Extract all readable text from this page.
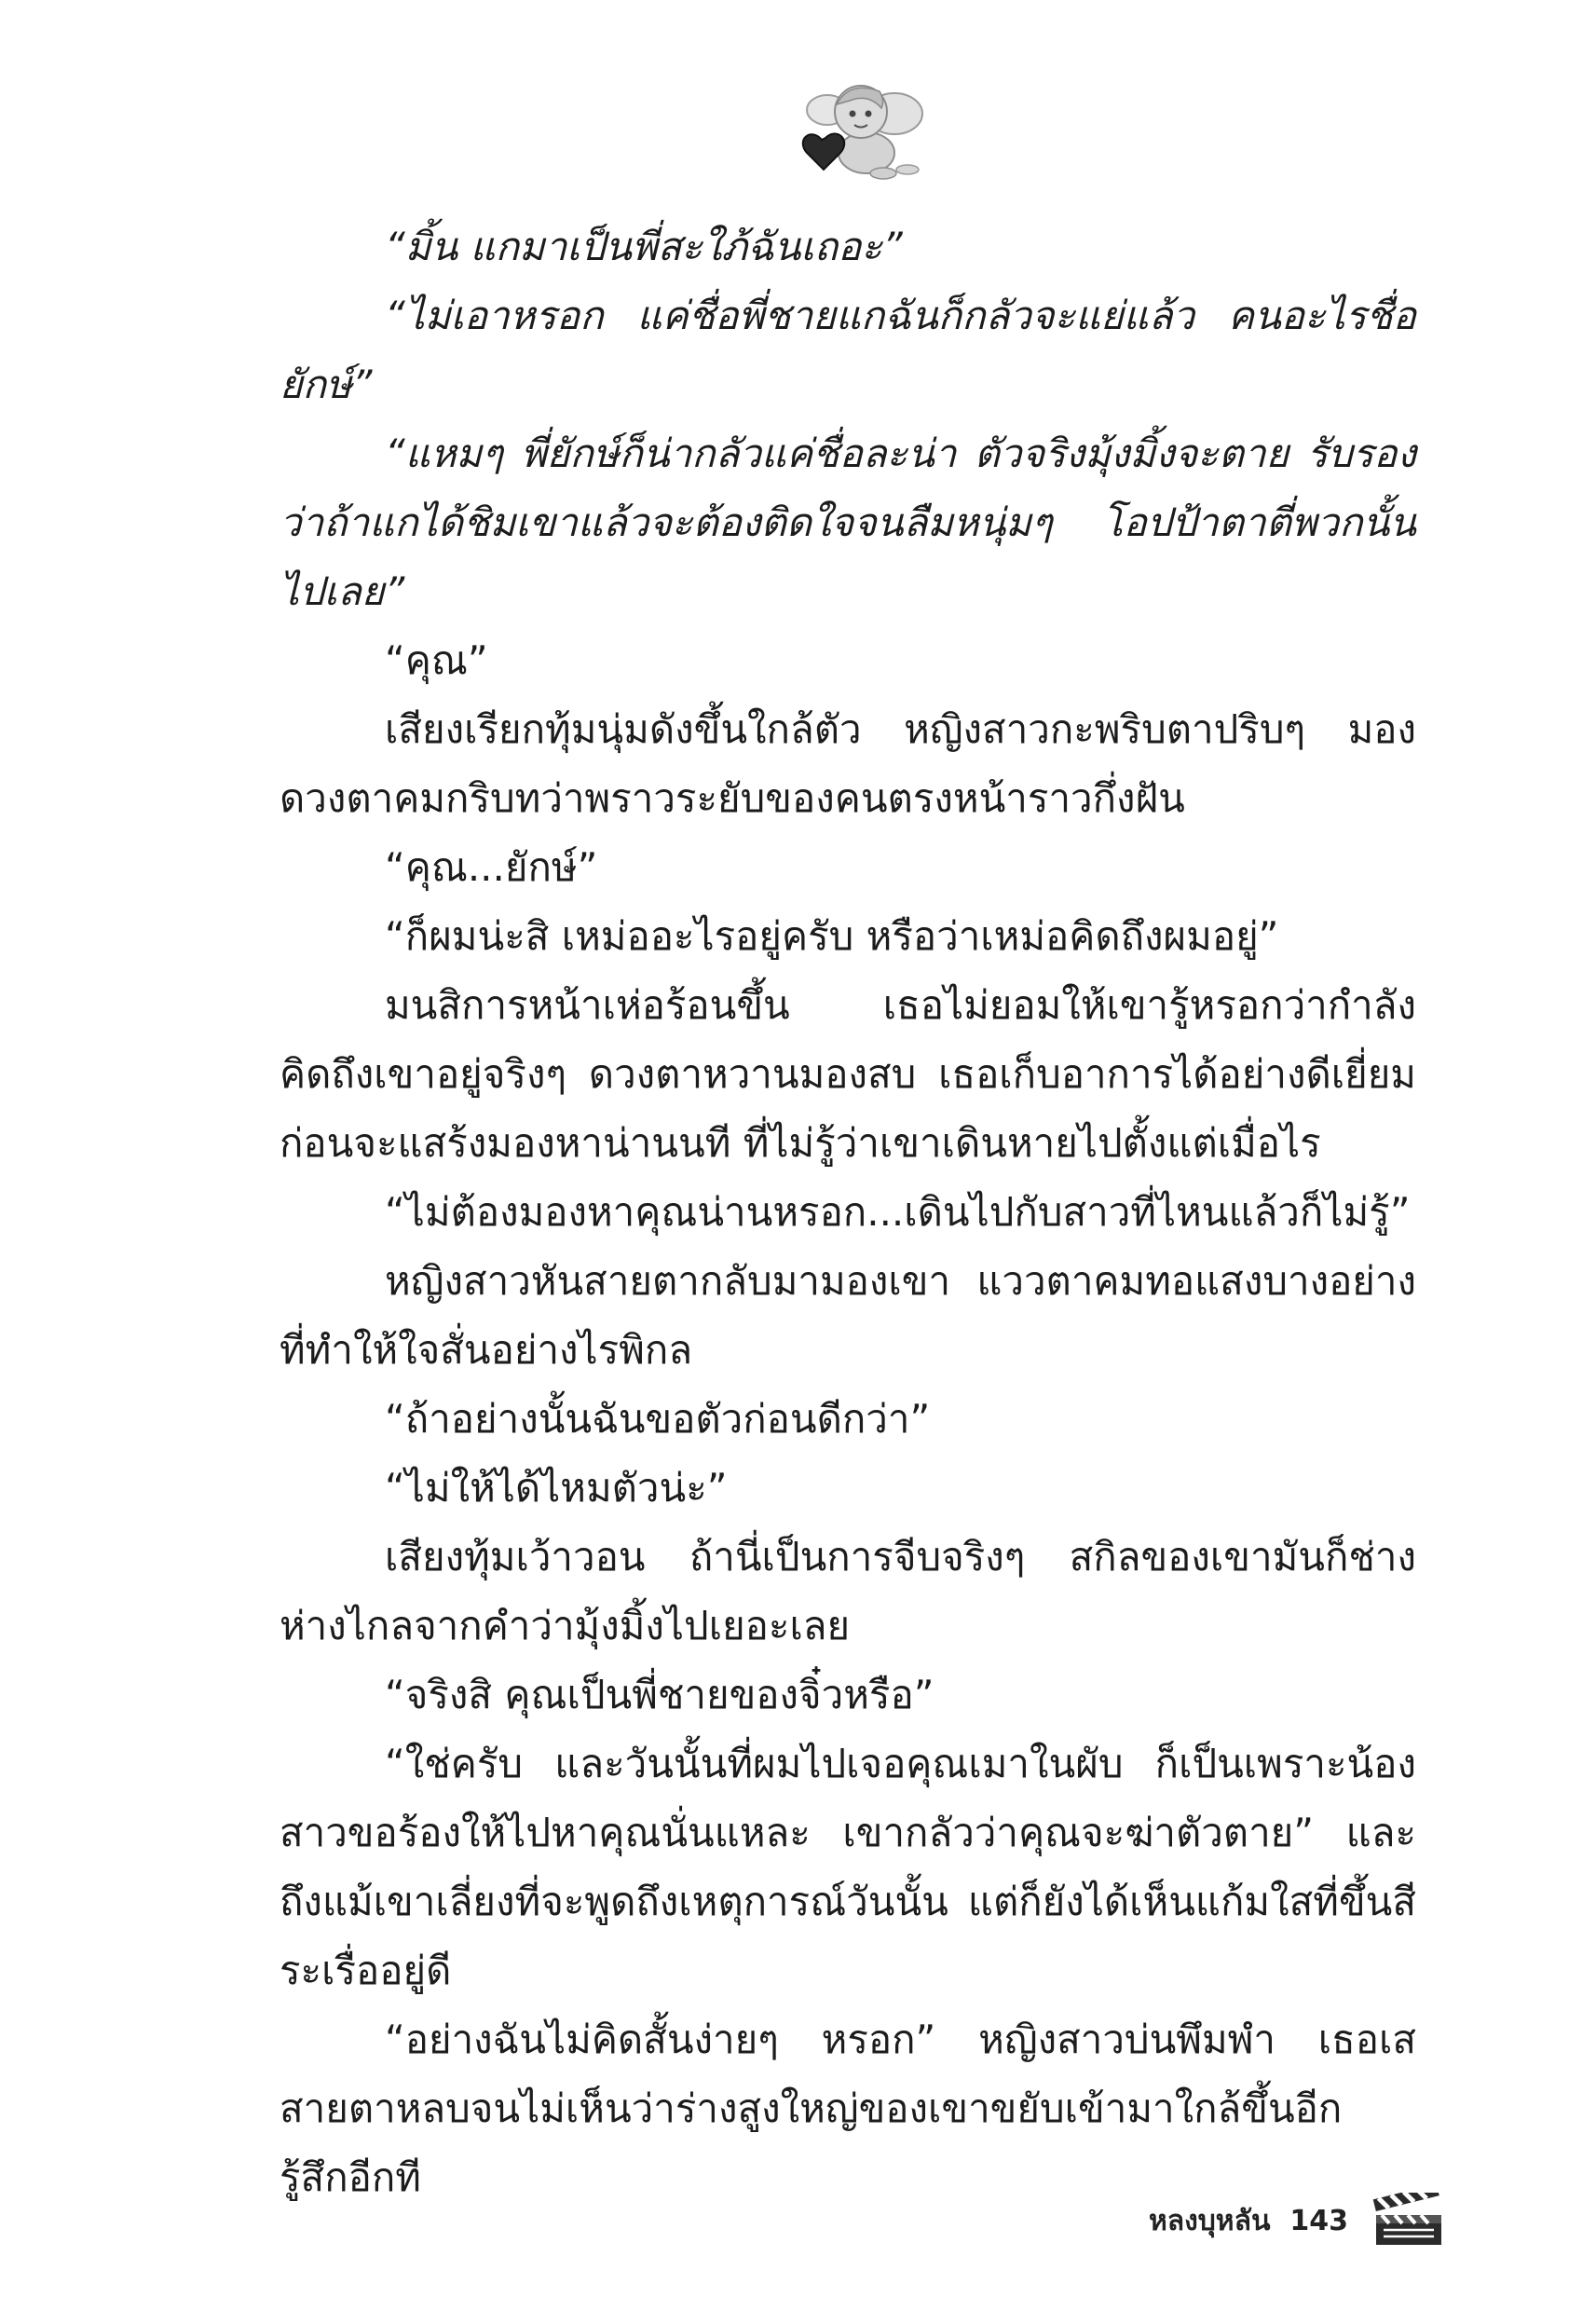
“มิ้น แกมาเป็นพี่สะใภ้ฉันเถอะ”

“ไม่เอาหรอก แค่ชื่อพี่ชายแกฉันก็กลัวจะแย่แล้ว คนอะไรชื่อยักษ์”

“แหมๆ พี่ยักษ์ก็น่ากลัวแค่ชื่อละน่า ตัวจริงมุ้งมิ้งจะตาย รับรองว่าถ้าแกได้ชิมเขาแล้วจะต้องติดใจจนลืมหนุ่มๆ โอปป้าตาตี่พวกนั้นไปเลย”

“คุณ”

เสียงเรียกทุ้มนุ่มดังขึ้นใกล้ตัว หญิงสาวกะพริบตาปริบๆ มองดวงตาคมกริบทว่าพราวระยับของคนตรงหน้าราวกึ่งฝัน

“คุณ...ยักษ์”

“ก็ผมน่ะสิ เหม่ออะไรอยู่ครับ หรือว่าเหม่อคิดถึงผมอยู่”

มนสิการหน้าเห่อร้อนขึ้น เธอไม่ยอมให้เขารู้หรอกว่ากำลังคิดถึงเขาอยู่จริงๆ ดวงตาหวานมองสบ เธอเก็บอาการได้อย่างดีเยี่ยม ก่อนจะแสร้งมองหาน่านนที ที่ไม่รู้ว่าเขาเดินหายไปตั้งแต่เมื่อไร

“ไม่ต้องมองหาคุณน่านหรอก...เดินไปกับสาวที่ไหนแล้วก็ไม่รู้”

หญิงสาวหันสายตากลับมามองเขา แววตาคมทอแสงบางอย่างที่ทำให้ใจสั่นอย่างไรพิกล

“ถ้าอย่างนั้นฉันขอตัวก่อนดีกว่า”

“ไม่ให้ได้ไหมตัวน่ะ”

เสียงทุ้มเว้าวอน ถ้านี่เป็นการจีบจริงๆ สกิลของเขามันก็ช่างห่างไกลจากคำว่ามุ้งมิ้งไปเยอะเลย

“จริงสิ คุณเป็นพี่ชายของจิ๋วหรือ”

“ใช่ครับ และวันนั้นที่ผมไปเจอคุณเมาในผับ ก็เป็นเพราะน้องสาวขอร้องให้ไปหาคุณนั่นแหละ เขากลัวว่าคุณจะฆ่าตัวตาย” และถึงแม้เขาเลี่ยงที่จะพูดถึงเหตุการณ์วันนั้น แต่ก็ยังได้เห็นแก้มใสที่ขึ้นสีระเรื่ออยู่ดี

“อย่างฉันไม่คิดสั้นง่ายๆ หรอก” หญิงสาวบ่นพึมพำ เธอเสสายตาหลบจนไม่เห็นว่าร่างสูงใหญ่ของเขาขยับเข้ามาใกล้ขึ้นอีก รู้สึกอีกที

หลงบุหลัน 143
